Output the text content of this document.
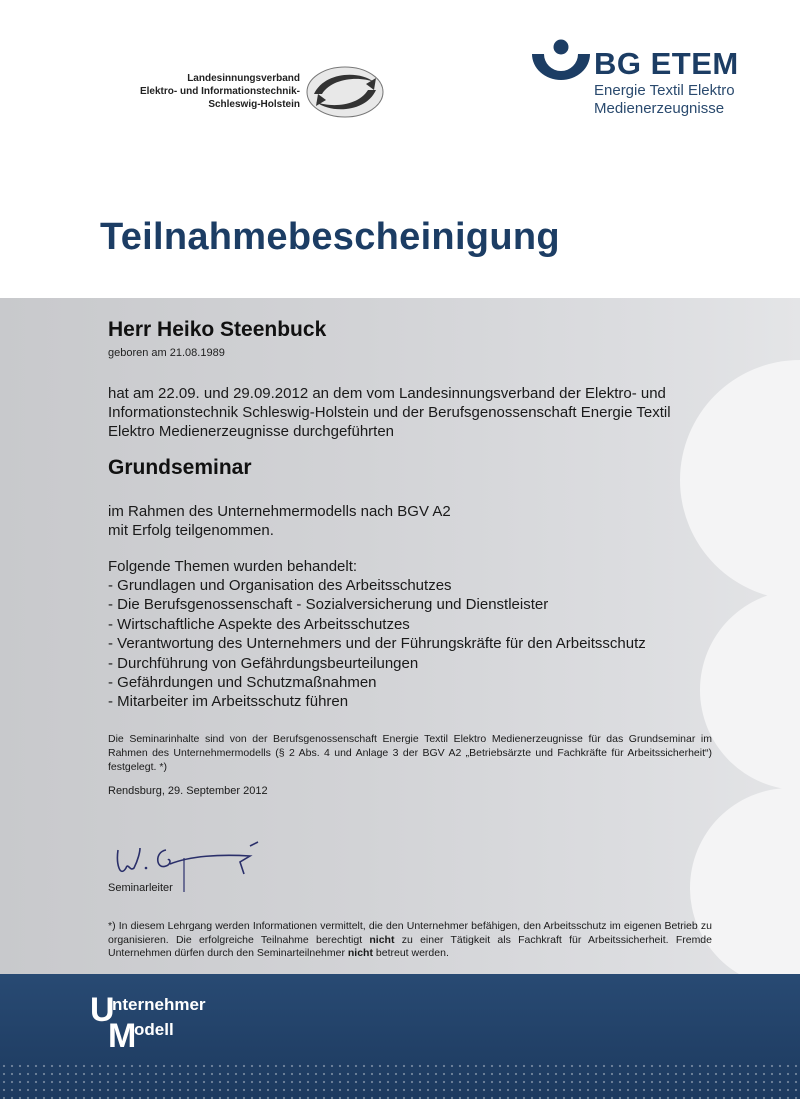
Landesinnungsverband
Elektro- und Informationstechnik-
Schleswig-Holstein
BG ETEM
Energie Textil Elektro
Medienerzeugnisse
Teilnahmebescheinigung
Herr Heiko Steenbuck
geboren am 21.08.1989
hat am 22.09. und 29.09.2012 an dem vom Landesinnungsverband der Elektro- und Informationstechnik Schleswig-Holstein und der Berufsgenossenschaft Energie Textil Elektro Medienerzeugnisse durchgeführten
Grundseminar
im Rahmen des Unternehmermodells nach BGV A2
mit Erfolg teilgenommen.
Folgende Themen wurden behandelt:
- Grundlagen und Organisation des Arbeitsschutzes
- Die Berufsgenossenschaft - Sozialversicherung und Dienstleister
- Wirtschaftliche Aspekte des Arbeitsschutzes
- Verantwortung des Unternehmers und der Führungskräfte für den Arbeitsschutz
- Durchführung von Gefährdungsbeurteilungen
- Gefährdungen und Schutzmaßnahmen
- Mitarbeiter im Arbeitsschutz führen
Die Seminarinhalte sind von der Berufsgenossenschaft Energie Textil Elektro Medienerzeugnisse für das Grundseminar im Rahmen des Unternehmermodells (§ 2 Abs. 4 und Anlage 3 der BGV A2 „Betriebsärzte und Fachkräfte für Arbeitssicherheit“) festgelegt. *)
Rendsburg, 29. September 2012
Seminarleiter
*) In diesem Lehrgang werden Informationen vermittelt, die den Unternehmer befähigen, den Arbeitsschutz im eigenen Betrieb zu organisieren. Die erfolgreiche Teilnahme berechtigt nicht zu einer Tätigkeit als Fachkraft für Arbeitssicherheit. Fremde Unternehmen dürfen durch den Seminarteilnehmer nicht betreut werden.
U
M
nternehmer
odell
